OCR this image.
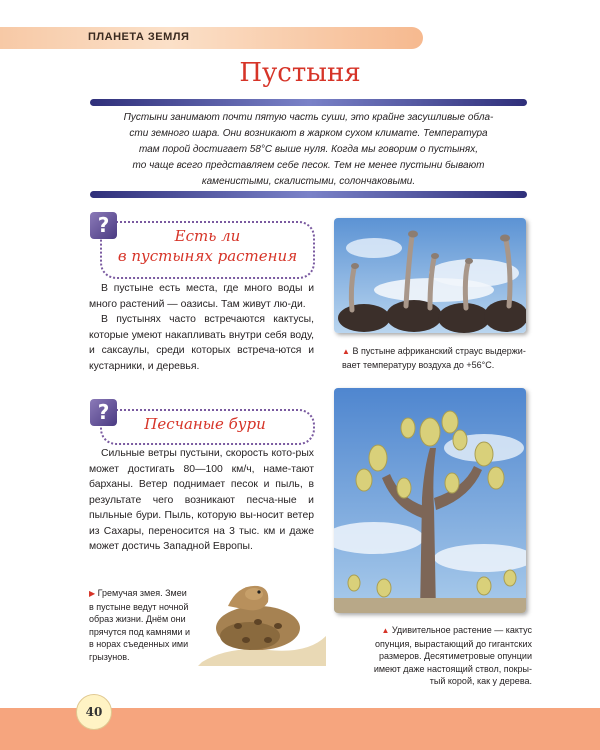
ПЛАНЕТА ЗЕМЛЯ
Пустыня
Пустыни занимают почти пятую часть суши, это крайне засушливые обла-
сти земного шара. Они возникают в жарком сухом климате. Температура
там порой достигает 58°С выше нуля. Когда мы говорим о пустынях,
то чаще всего представляем себе песок. Тем не менее пустыни бывают
каменистыми, скалистыми, солончаковыми.
?	Есть ли
в пустынях растения

В пустыне есть места, где много воды и много растений — оазисы. Там живут лю-ди.

В пустынях часто встречаются кактусы, которые умеют накапливать внутри себя воду, и саксаулы, среди которых встреча-ются и кустарники, и деревья.

▲ В пустыне африканский страус выдержи-
вает температуру воздуха до +56°С.
?	Песчаные бури

Сильные ветры пустыни, скорость кото-рых может достигать 80—100 км/ч, намe-тают барханы. Ветер поднимает песок и пыль, в результате чего возникают песча-ные и пыльные бури. Пыль, которую вы-носит ветер из Сахары, переносится на 3 тыс. км и даже может достичь Западной Европы.

▶ Гремучая змея. Змеи
в пустыне ведут ночной
образ жизни. Днём они
прячутся под камнями и
в норах съеденных ими
грызунов.
▲ Удивительное растение — кактус
опунция, вырастающий до гигантских
размеров. Десятиметровые опунции
имеют даже настоящий ствол, покры-
тый корой, как у дерева.
40
